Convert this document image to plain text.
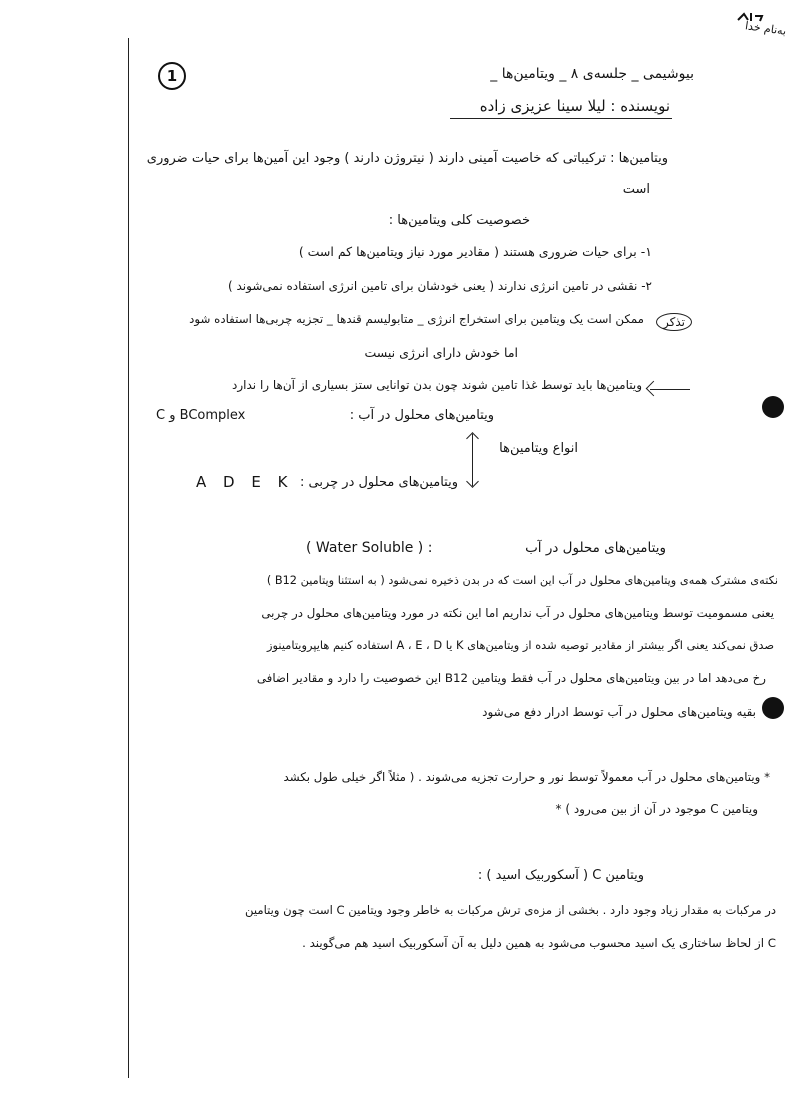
به‌نام خدا
1	بیوشیمی _ جلسه‌ی ۸ _ ویتامین‌ها _
نویسنده : لیلا سینا عزیزی زاده
ویتامین‌ها : ترکیباتی که خاصیت آمینی دارند ( نیتروژن دارند ) وجود این آمین‌ها برای حیات ضروری
است
خصوصیت کلی ویتامین‌ها :
۱- برای حیات ضروری هستند ( مقادیر مورد نیاز ویتامین‌ها کم است )
۲- نقشی در تامین انرژی ندارند ( یعنی خودشان برای تامین انرژی استفاده نمی‌شوند )
تذکر
ممکن است یک ویتامین برای استخراج انرژی _ متابولیسم قندها _ تجزیه چربی‌ها استفاده شود
اما خودش دارای انرژی نیست
ویتامین‌ها باید توسط غذا تامین شوند چون بدن توانایی ستز بسیاری از آن‌ها را ندارد
ویتامین‌های محلول در آب :
C و BComplex
انواع ویتامین‌ها
ویتامین‌های محلول در چربی :
A D E K
ویتامین‌های محلول در آب
( Water Soluble ) :
نکته‌ی مشترک همه‌ی ویتامین‌های محلول در آب این است که در بدن ذخیره نمی‌شود ( به استثنا ویتامین B12 )
یعنی مسمومیت توسط ویتامین‌های محلول در آب نداریم اما این نکته در مورد ویتامین‌های محلول در چربی
صدق نمی‌کند یعنی اگر بیشتر از مقادیر توصیه شده از ویتامین‌های K یا A ، E ، D استفاده کنیم هایپرویتامینوز
رخ می‌دهد اما در بین ویتامین‌های محلول در آب فقط ویتامین B12 این خصوصیت را دارد و مقادیر اضافی
بقیه ویتامین‌های محلول در آب توسط ادرار دفع می‌شود
* ویتامین‌های محلول در آب معمولاً توسط نور و حرارت تجزیه می‌شوند . ( مثلاً اگر خیلی طول بکشد
ویتامین C موجود در آن از بین می‌رود ) *
ویتامین C ( آسکوربیک اسید ) :
در مرکبات به مقدار زیاد وجود دارد . بخشی از مزه‌ی ترش مرکبات به خاطر وجود ویتامین C است چون ویتامین
C از لحاظ ساختاری یک اسید محسوب می‌شود به همین دلیل به آن آسکوربیک اسید هم می‌گویند .
